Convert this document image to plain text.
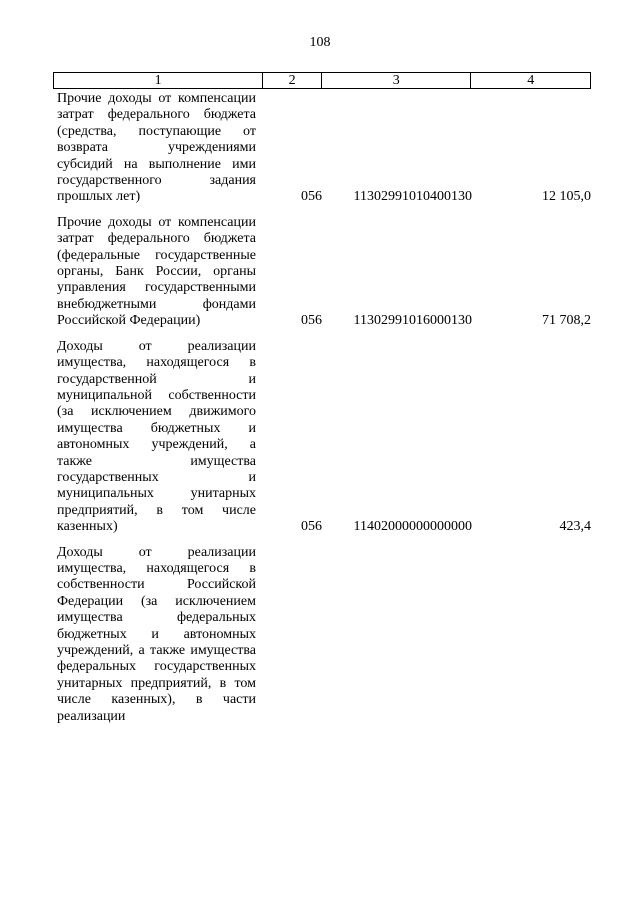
108
1	2	3	4
Прочие доходы от компенсации затрат федерального бюджета (средства, поступающие от возврата учреждениями субсидий на выполнение ими государственного задания прошлых лет)	056	11302991010400130	12 105,0
Прочие доходы от компенсации затрат федерального бюджета (федеральные государственные органы, Банк России, органы управления государственными внебюджетными фондами Российской Федерации)	056	11302991016000130	71 708,2
Доходы от реализации имущества, находящегося в государственной и муниципальной собственности (за исключением движимого имущества бюджетных и автономных учреждений, а также имущества государственных и муниципальных унитарных предприятий, в том числе казенных)	056	11402000000000000	423,4
Доходы от реализации имущества, находящегося в собственности Российской Федерации (за исключением имущества федеральных бюджетных и автономных учреждений, а также имущества федеральных государственных унитарных предприятий, в том числе казенных), в части реализации
